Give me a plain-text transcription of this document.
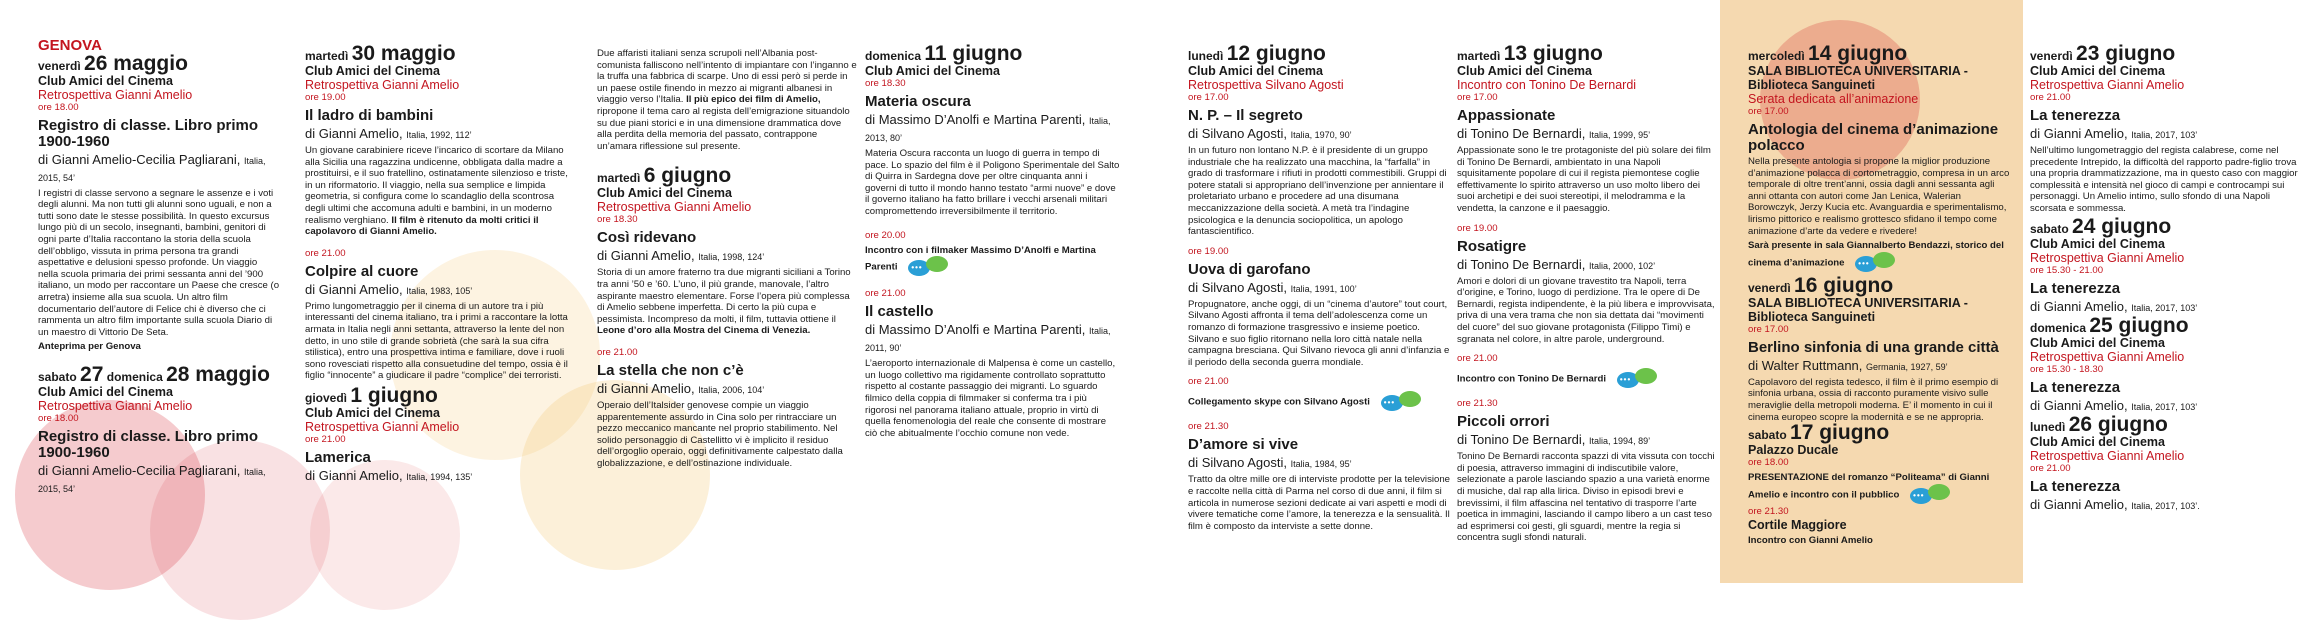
GENOVA
venerdì 26 maggio
Club Amici del Cinema
Retrospettiva Gianni Amelio
ore 18.00
Registro di classe. Libro primo 1900-1960
di Gianni Amelio-Cecilia Pagliarani, Italia, 2015, 54’
I registri di classe servono a segnare le assenze e i voti degli alunni. Ma non tutti gli alunni sono uguali, e non a tutti sono date le stesse possibilità. In questo excursus lungo più di un secolo, insegnanti, bambini, genitori di ogni parte d’Italia raccontano la storia della scuola dell’obbligo, vissuta in prima persona tra grandi aspettative e delusioni spesso profonde. Un viaggio nella scuola primaria dei primi sessanta anni del ’900 italiano, un modo per raccontare un Paese che cresce (o arretra) insieme alla sua scuola. Un altro film documentario dell’autore di Felice chi è diverso che ci rammenta un altro film importante sulla scuola Diario di un maestro di Vittorio De Seta.
Anteprima per Genova
sabato 27 domenica 28 maggio
Club Amici del Cinema
Retrospettiva Gianni Amelio
ore 18.00
Registro di classe. Libro primo 1900-1960
di Gianni Amelio-Cecilia Pagliarani, Italia, 2015, 54’
martedì 30 maggio
Club Amici del Cinema
Retrospettiva Gianni Amelio
ore 19.00
Il ladro di bambini
di Gianni Amelio, Italia, 1992, 112’
Un giovane carabiniere riceve l’incarico di scortare da Milano alla Sicilia una ragazzina undicenne, obbligata dalla madre a prostituirsi, e il suo fratellino, ostinatamente silenzioso e triste, in un riformatorio. Il viaggio, nella sua semplice e limpida geometria, si configura come lo scandaglio della scontrosa degli ultimi che accomuna adulti e bambini, in un moderno realismo verghiano. Il film è ritenuto da molti critici il capolavoro di Gianni Amelio.
ore 21.00
Colpire al cuore
di Gianni Amelio, Italia, 1983, 105’
Primo lungometraggio per il cinema di un autore tra i più interessanti del cinema italiano, tra i primi a raccontare la lotta armata in Italia negli anni settanta, attraverso la lente del non detto, in uno stile di grande sobrietà (che sarà la sua cifra stilistica), entro una prospettiva intima e familiare, dove i ruoli sono rovesciati rispetto alla consuetudine del tempo, ossia è il figlio “innocente” a giudicare il padre “complice” dei terroristi.
giovedì 1 giugno
Club Amici del Cinema
Retrospettiva Gianni Amelio
ore 21.00
Lamerica
di Gianni Amelio, Italia, 1994, 135’
Due affaristi italiani senza scrupoli nell’Albania post-comunista falliscono nell’intento di impiantare con l’inganno e la truffa una fabbrica di scarpe. Uno di essi però si perde in un paese ostile finendo in mezzo ai migranti albanesi in viaggio verso l’Italia. Il più epico dei film di Amelio, ripropone il tema caro al regista dell’emigrazione situandolo su due piani storici e in una dimensione drammatica dove alla perdita della memoria del passato, contrappone un’amara riflessione sul presente.
martedì 6 giugno
Club Amici del Cinema
Retrospettiva Gianni Amelio
ore 18.30
Così ridevano
di Gianni Amelio, Italia, 1998, 124’
Storia di un amore fraterno tra due migranti siciliani a Torino tra anni ’50 e ’60. L’uno, il più grande, manovale, l’altro aspirante maestro elementare. Forse l’opera più complessa di Amelio sebbene imperfetta. Di certo la più cupa e pessimista. Incompreso da molti, il film, tuttavia ottiene il Leone d’oro alla Mostra del Cinema di Venezia.
ore 21.00
La stella che non c’è
di Gianni Amelio, Italia, 2006, 104’
Operaio dell’Italsider genovese compie un viaggio apparentemente assurdo in Cina solo per rintracciare un pezzo meccanico mancante nel proprio stabilimento. Nel solido personaggio di Castellitto vi è implicito il residuo dell’orgoglio operaio, oggi definitivamente calpestato dalla globalizzazione, e dell’ostinazione individuale.
domenica 11 giugno
Club Amici del Cinema
ore 18.30
Materia oscura
di Massimo D’Anolfi e Martina Parenti, Italia, 2013, 80’
Materia Oscura racconta un luogo di guerra in tempo di pace. Lo spazio del film è il Poligono Sperimentale del Salto di Quirra in Sardegna dove per oltre cinquanta anni i governi di tutto il mondo hanno testato “armi nuove” e dove il governo italiano ha fatto brillare i vecchi arsenali militari compromettendo irreversibilmente il territorio.
ore 20.00
Incontro con i filmaker Massimo D’Anolfi e Martina Parenti •••
ore 21.00
Il castello
di Massimo D’Anolfi e Martina Parenti, Italia, 2011, 90’
L’aeroporto internazionale di Malpensa è come un castello, un luogo collettivo ma rigidamente controllato soprattutto rispetto al costante passaggio dei migranti. Lo sguardo filmico della coppia di filmmaker si conferma tra i più rigorosi nel panorama italiano attuale, proprio in virtù di quella fenomenologia del reale che consente di mostrare ciò che abitualmente l’occhio comune non vede.
lunedì 12 giugno
Club Amici del Cinema
Retrospettiva Silvano Agosti
ore 17.00
N. P. – Il segreto
di Silvano Agosti, Italia, 1970, 90’
In un futuro non lontano N.P. è il presidente di un gruppo industriale che ha realizzato una macchina, la “farfalla” in grado di trasformare i rifiuti in prodotti commestibili. Gruppi di potere statali si appropriano dell’invenzione per annientare il proletariato urbano e procedere ad una disumana meccanizzazione della società. A metà tra l’indagine psicologica e la denuncia sociopolitica, un apologo fantascientifico.
ore 19.00
Uova di garofano
di Silvano Agosti, Italia, 1991, 100’
Propugnatore, anche oggi, di un “cinema d’autore” tout court, Silvano Agosti affronta il tema dell’adolescenza come un romanzo di formazione trasgressivo e insieme poetico. Silvano e suo figlio ritornano nella loro città natale nella campagna bresciana. Qui Silvano rievoca gli anni d’infanzia e il periodo della seconda guerra mondiale.
ore 21.00
Collegamento skype con Silvano Agosti •••
ore 21.30
D’amore si vive
di Silvano Agosti, Italia, 1984, 95’
Tratto da oltre mille ore di interviste prodotte per la televisione e raccolte nella città di Parma nel corso di due anni, il film si articola in numerose sezioni dedicate ai vari aspetti e modi di vivere tematiche come l’amore, la tenerezza e la sensualità. Il film è composto da interviste a sette donne.
martedì 13 giugno
Club Amici del Cinema
Incontro con Tonino De Bernardi
ore 17.00
Appassionate
di Tonino De Bernardi, Italia, 1999, 95’
Appassionate sono le tre protagoniste del più solare dei film di Tonino De Bernardi, ambientato in una Napoli squisitamente popolare di cui il regista piemontese coglie effettivamente lo spirito attraverso un uso molto libero dei suoi archetipi e dei suoi stereotipi, il melodramma e la vendetta, la canzone e il paesaggio.
ore 19.00
Rosatigre
di Tonino De Bernardi, Italia, 2000, 102’
Amori e dolori di un giovane travestito tra Napoli, terra d’origine, e Torino, luogo di perdizione. Tra le opere di De Bernardi, regista indipendente, è la più libera e improvvisata, priva di una vera trama che non sia dettata dai “movimenti del cuore” del suo giovane protagonista (Filippo Timi) e sgranata nel colore, in altre parole, underground.
ore 21.00
Incontro con Tonino De Bernardi •••
ore 21.30
Piccoli orrori
di Tonino De Bernardi, Italia, 1994, 89’
Tonino De Bernardi racconta spazzi di vita vissuta con tocchi di poesia, attraverso immagini di indiscutibile valore, selezionate a parole lasciando spazio a una varietà enorme di musiche, dal rap alla lirica. Diviso in episodi brevi e brevissimi, il film affascina nel tentativo di trasporre l’arte poetica in immagini, lasciando il campo libero a un cast teso ad esprimersi coi gesti, gli sguardi, mentre la regia si concentra sugli sfondi naturali.
mercoledì 14 giugno
SALA BIBLIOTECA UNIVERSITARIA - Biblioteca Sanguineti
Serata dedicata all’animazione
ore 17.00
Antologia del cinema d’animazione polacco
Nella presente antologia si propone la miglior produzione d’animazione polacca di cortometraggio, compresa in un arco temporale di oltre trent’anni, ossia dagli anni sessanta agli anni ottanta con autori come Jan Lenica, Walerian Borowczyk, Jerzy Kucia etc. Avanguardia e sperimentalismo, lirismo pittorico e realismo grottesco sfidano il tempo come animazione d’arte da vedere e rivedere!
Sarà presente in sala Giannalberto Bendazzi, storico del cinema d’animazione •••
venerdì 16 giugno
SALA BIBLIOTECA UNIVERSITARIA - Biblioteca Sanguineti
ore 17.00
Berlino sinfonia di una grande città
di Walter Ruttmann, Germania, 1927, 59’
Capolavoro del regista tedesco, il film è il primo esempio di sinfonia urbana, ossia di racconto puramente visivo sulle meraviglie della metropoli moderna. E’ il momento in cui il cinema europeo scopre la modernità e se ne appropria.
sabato 17 giugno
Palazzo Ducale
ore 18.00
PRESENTAZIONE del romanzo “Politeama” di Gianni Amelio e incontro con il pubblico •••
ore 21.30
Cortile Maggiore
Incontro con Gianni Amelio
venerdì 23 giugno
Club Amici del Cinema
Retrospettiva Gianni Amelio
ore 21.00
La tenerezza
di Gianni Amelio, Italia, 2017, 103’
Nell’ultimo lungometraggio del regista calabrese, come nel precedente Intrepido, la difficoltà del rapporto padre-figlio trova una propria drammatizzazione, ma in questo caso con maggior complessità e intensità nel gioco di campi e controcampi sui personaggi. Un Amelio intimo, sullo sfondo di una Napoli scorsata e sommessa.
sabato 24 giugno
Club Amici del Cinema
Retrospettiva Gianni Amelio
ore 15.30 - 21.00
La tenerezza
di Gianni Amelio, Italia, 2017, 103’
domenica 25 giugno
Club Amici del Cinema
Retrospettiva Gianni Amelio
ore 15.30 - 18.30
La tenerezza
di Gianni Amelio, Italia, 2017, 103’
lunedì 26 giugno
Club Amici del Cinema
Retrospettiva Gianni Amelio
ore 21.00
La tenerezza
di Gianni Amelio, Italia, 2017, 103’.
